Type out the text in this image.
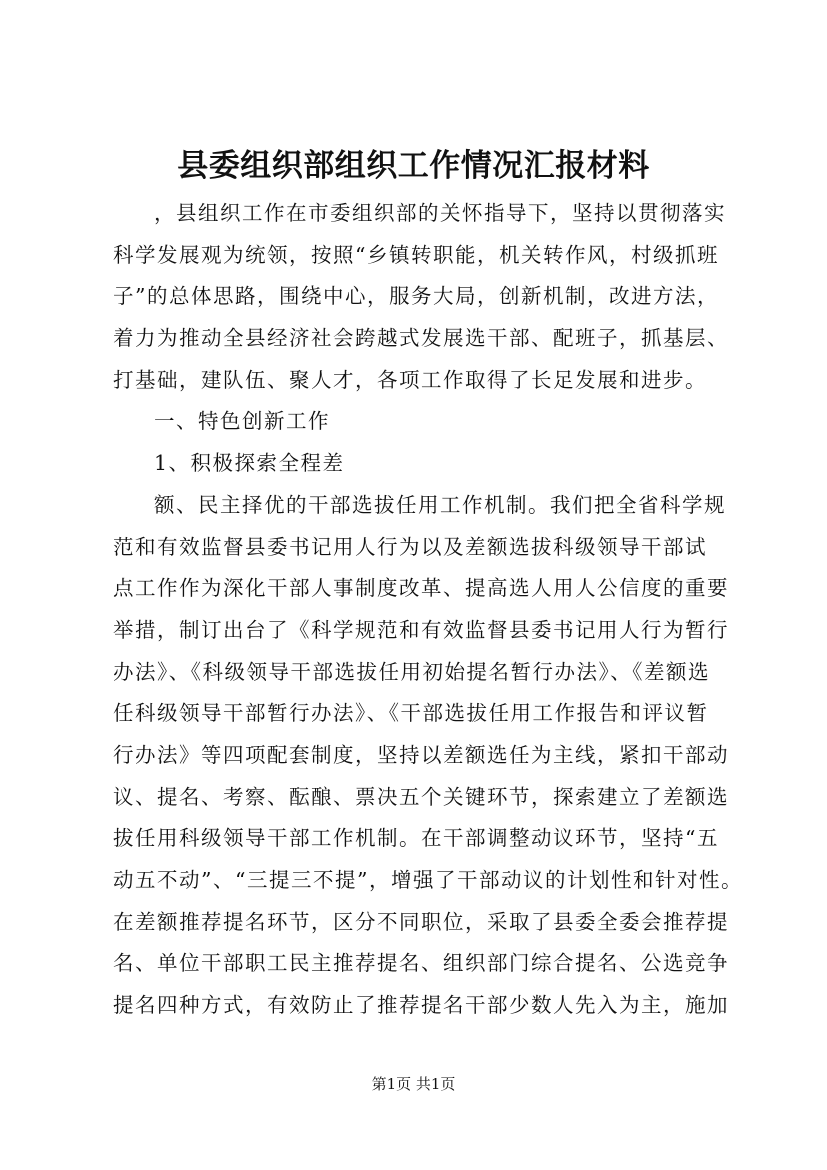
县委组织部组织工作情况汇报材料
，县组织工作在市委组织部的关怀指导下，坚持以贯彻落实
科学发展观为统领，按照“乡镇转职能，机关转作风，村级抓班
子”的总体思路，围绕中心，服务大局，创新机制，改进方法，
着力为推动全县经济社会跨越式发展选干部、配班子，抓基层、
打基础，建队伍、聚人才，各项工作取得了长足发展和进步。
一、特色创新工作
1、积极探索全程差
额、民主择优的干部选拔任用工作机制。我们把全省科学规
范和有效监督县委书记用人行为以及差额选拔科级领导干部试
点工作作为深化干部人事制度改革、提高选人用人公信度的重要
举措，制订出台了《科学规范和有效监督县委书记用人行为暂行
办法》、《科级领导干部选拔任用初始提名暂行办法》、《差额选
任科级领导干部暂行办法》、《干部选拔任用工作报告和评议暂
行办法》等四项配套制度，坚持以差额选任为主线，紧扣干部动
议、提名、考察、酝酿、票决五个关键环节，探索建立了差额选
拔任用科级领导干部工作机制。在干部调整动议环节，坚持“五
动五不动”、“三提三不提”，增强了干部动议的计划性和针对性。
在差额推荐提名环节，区分不同职位，采取了县委全委会推荐提
名、单位干部职工民主推荐提名、组织部门综合提名、公选竞争
提名四种方式，有效防止了推荐提名干部少数人先入为主，施加
第1页 共1页
